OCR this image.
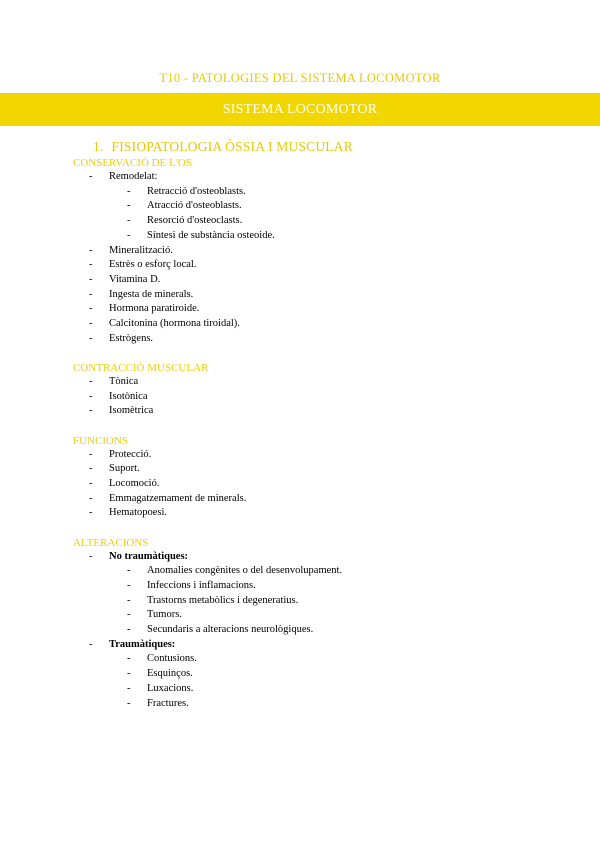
T10 - PATOLOGIES DEL SISTEMA LOCOMOTOR
SISTEMA LOCOMOTOR
1. FISIOPATOLOGIA ÒSSIA I MUSCULAR
CONSERVACIÓ DE L'OS
- Remodelat:
- Retracció d'osteoblasts.
- Atracció d'osteoblasts.
- Resorció d'osteoclasts.
- Síntesi de substància osteoide.
- Mineralització.
- Estrès o esforç local.
- Vitamina D.
- Ingesta de minerals.
- Hormona paratiroide.
- Calcitonina (hormona tiroidal).
- Estrògens.
CONTRACCIÓ MUSCULAR
- Tònica
- Isotònica
- Isomètrica
FUNCIONS
- Protecció.
- Suport.
- Locomoció.
- Emmagatzemament de minerals.
- Hematopoesi.
ALTERACIONS
- No traumàtiques:
- Anomalies congènites o del desenvolupament.
- Infeccions i inflamacions.
- Trastorns metabòlics i degeneratius.
- Tumors.
- Secundaris a alteracions neurològiques.
- Traumàtiques:
- Contusions.
- Esquinços.
- Luxacions.
- Fractures.
